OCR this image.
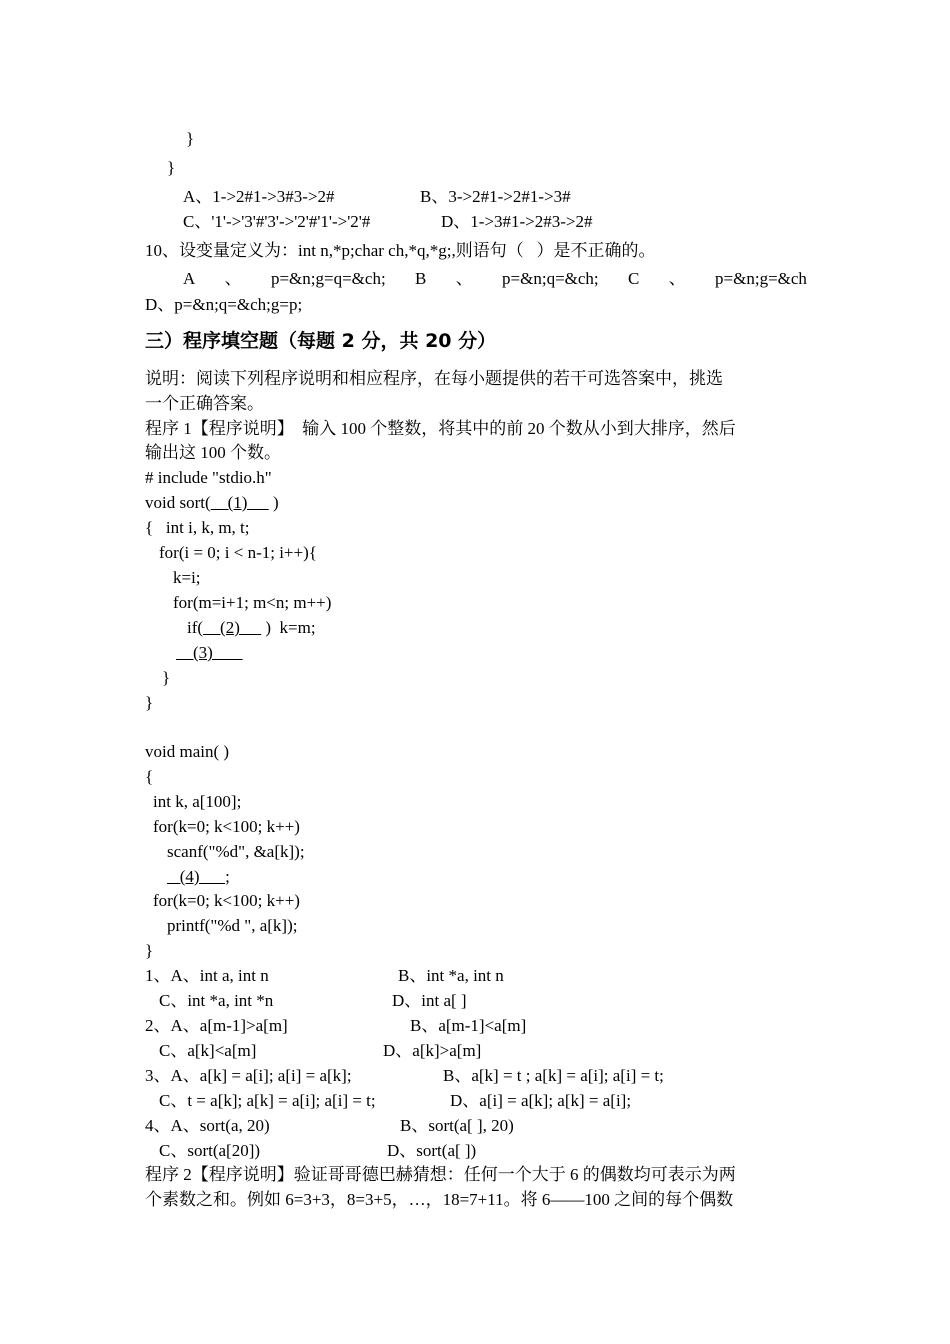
}
}
A、1->2#1->3#3->2#	B、3->2#1->2#1->3#
C、'1'->'3'#'3'->'2'#'1'->'2'#	D、1->3#1->2#3->2#
10、设变量定义为：int n,*p;char ch,*q,*g;,则语句（   ）是不正确的。
A 、 p=&n;g=q=&ch; B 、 p=&n;q=&ch; C 、 p=&n;g=&ch
D、p=&n;q=&ch;g=p;
三）程序填空题（每题 2 分，共 20 分）
说明：阅读下列程序说明和相应程序，在每小题提供的若干可选答案中，挑选
一个正确答案。
程序 1【程序说明】  输入 100 个整数，将其中的前 20 个数从小到大排序，然后
输出这 100 个数。
# include "stdio.h"
void sort(    (1)      )
{   int i, k, m, t;
for(i = 0; i < n-1; i++){
k=i;
for(m=i+1; m<n; m++)
if(    (2)      )  k=m;
(3)
}
}
void main( )
{
int k, a[100];
for(k=0; k<100; k++)
scanf("%d", &a[k]);
(4)      ;
for(k=0; k<100; k++)
printf("%d ", a[k]);
}
1、A、int a, int n	B、int *a, int n
C、int *a, int *n	D、int a[ ]
2、A、a[m-1]>a[m]	B、a[m-1]<a[m]
C、a[k]<a[m]	D、a[k]>a[m]
3、A、a[k] = a[i]; a[i] = a[k];	B、a[k] = t ; a[k] = a[i]; a[i] = t;
C、t = a[k]; a[k] = a[i]; a[i] = t;	D、a[i] = a[k]; a[k] = a[i];
4、A、sort(a, 20)	B、sort(a[ ], 20)
C、sort(a[20])	D、sort(a[ ])
程序 2【程序说明】验证哥哥德巴赫猜想：任何一个大于 6 的偶数均可表示为两
个素数之和。例如 6=3+3，8=3+5，…，18=7+11。将 6——100 之间的每个偶数
